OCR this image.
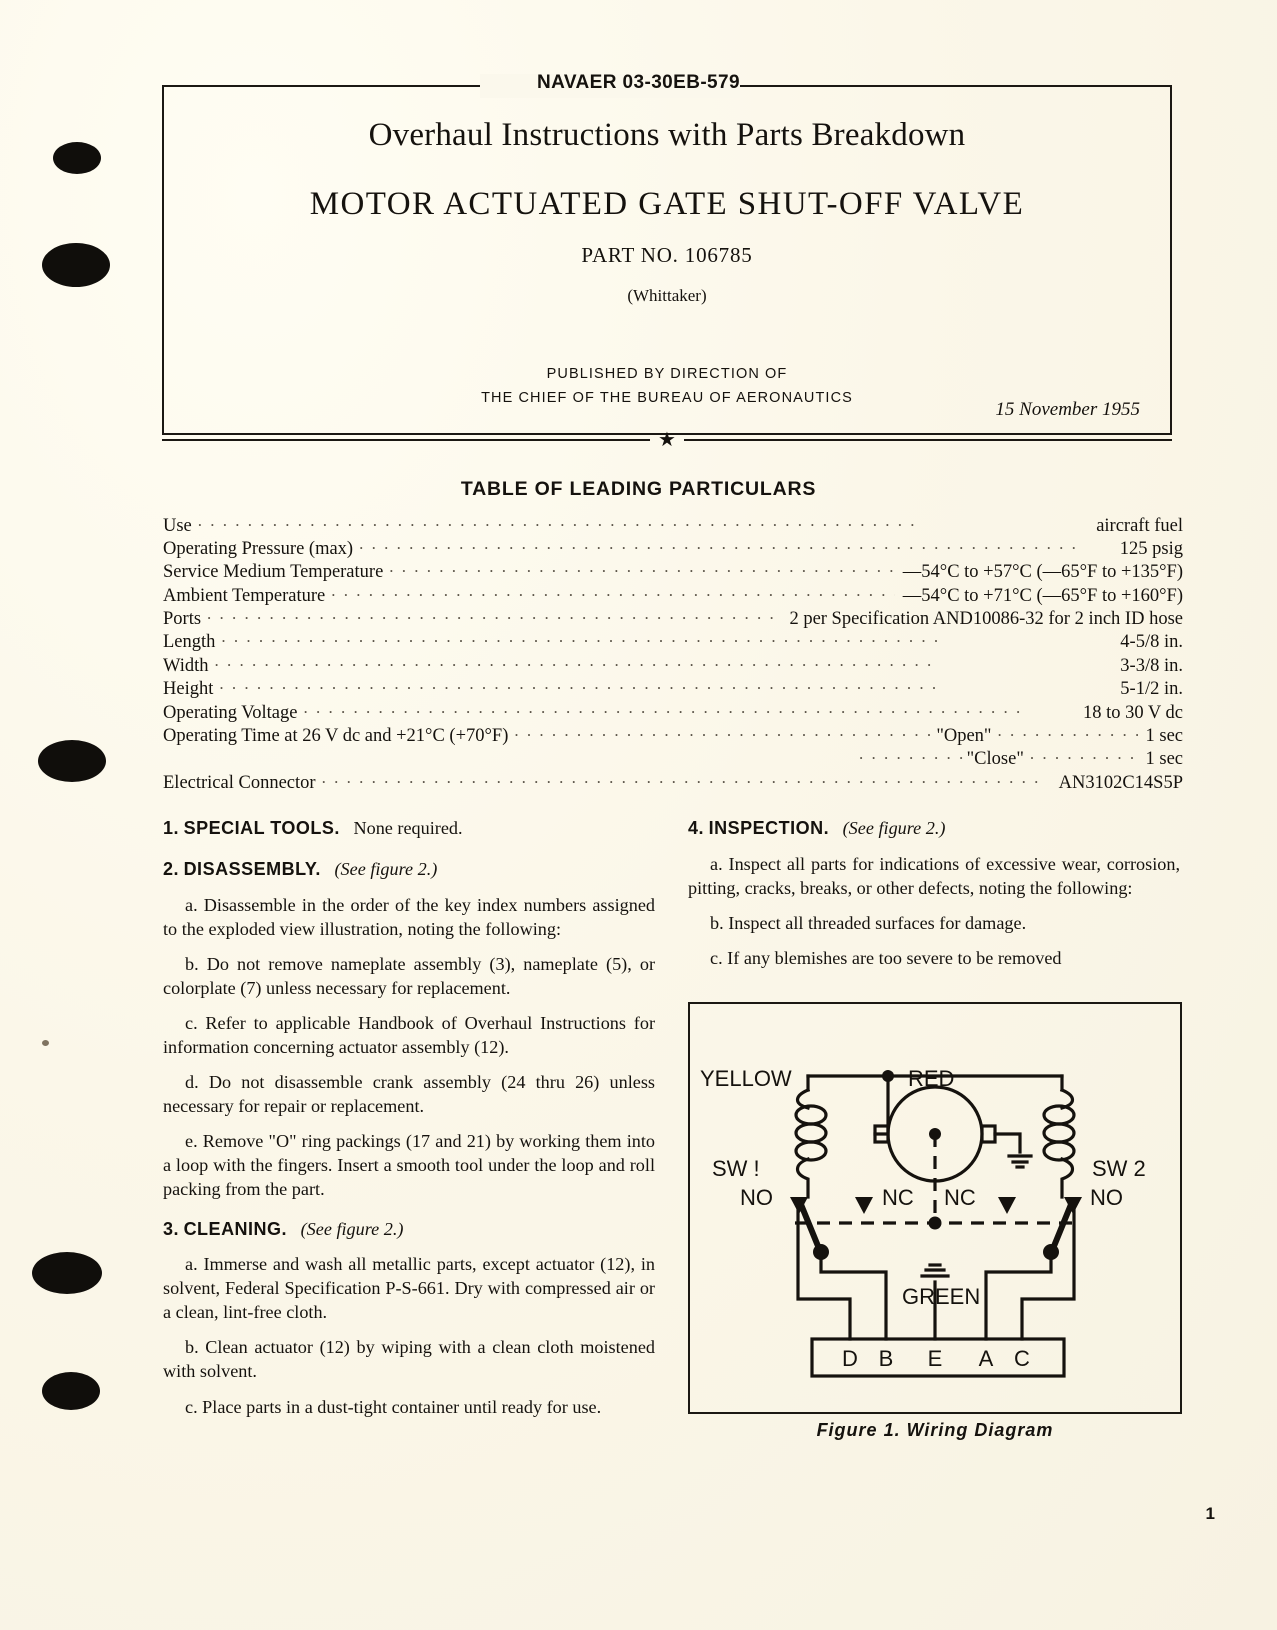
NAVAER 03-30EB-579
Overhaul Instructions with Parts Breakdown
MOTOR ACTUATED GATE SHUT-OFF VALVE
PART NO. 106785
(Whittaker)
PUBLISHED BY DIRECTION OF
THE CHIEF OF THE BUREAU OF AERONAUTICS
15 November 1955
★
TABLE OF LEADING PARTICULARS
Use . .	aircraft fuel
Operating Pressure (max) . .	125 psig
Service Medium Temperature . .	—54°C to +57°C (—65°F to +135°F)
Ambient Temperature . .	—54°C to +71°C (—65°F to +160°F)
Ports . .	2 per Specification AND10086-32 for 2 inch ID hose
Length . .	4-5/8 in.
Width . .	3-3/8 in.
Height . .	5-1/2 in.
Operating Voltage . .	18 to 30 V dc
Operating Time at 26 V dc and +21°C (+70°F) . .	"Open" . .	1 sec
. .
"Close" . .	1 sec
Electrical Connector . .	AN3102C14S5P
1. SPECIAL TOOLS. None required.
2. DISASSEMBLY. (See figure 2.)

a. Disassemble in the order of the key index numbers assigned to the exploded view illustration, noting the following:

b. Do not remove nameplate assembly (3), nameplate (5), or colorplate (7) unless necessary for replacement.

c. Refer to applicable Handbook of Overhaul Instructions for information concerning actuator assembly (12).

d. Do not disassemble crank assembly (24 thru 26) unless necessary for repair or replacement.

e. Remove "O" ring packings (17 and 21) by working them into a loop with the fingers. Insert a smooth tool under the loop and roll packing from the part.

3. CLEANING. (See figure 2.)

a. Immerse and wash all metallic parts, except actuator (12), in solvent, Federal Specification P-S-661. Dry with compressed air or a clean, lint-free cloth.

b. Clean actuator (12) by wiping with a clean cloth moistened with solvent.

c. Place parts in a dust-tight container until ready for use.

4. INSPECTION. (See figure 2.)

a. Inspect all parts for indications of excessive wear, corrosion, pitting, cracks, breaks, or other defects, noting the following:

b. Inspect all threaded surfaces for damage.

c. If any blemishes are too severe to be removed

YELLOW	RED
GREEN
SW !	SW 2
NO	NC NC	NO
D B E A C
Figure 1. Wiring Diagram
1
